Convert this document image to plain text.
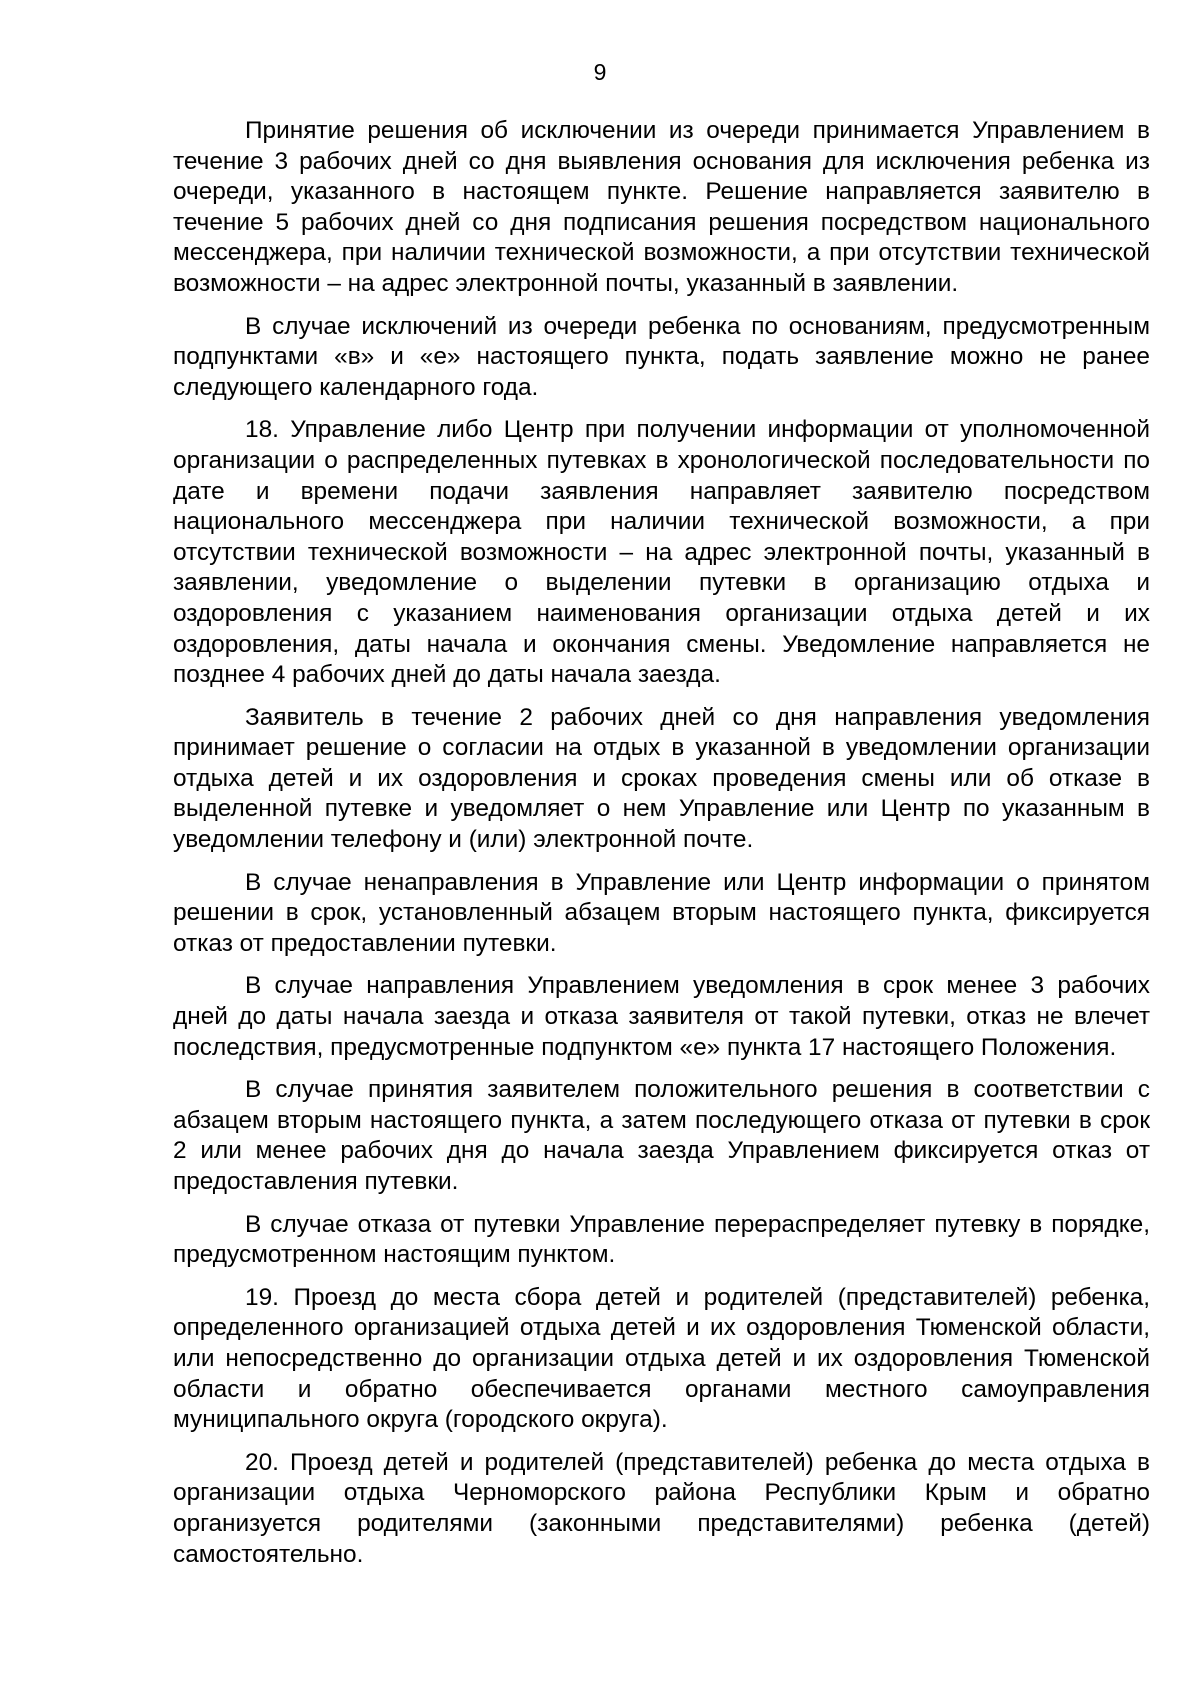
9

Принятие решения об исключении из очереди принимается Управлением в течение 3 рабочих дней со дня выявления основания для исключения ребенка из очереди, указанного в настоящем пункте. Решение направляется заявителю в течение 5 рабочих дней со дня подписания решения посредством национального мессенджера, при наличии технической возможности, а при отсутствии технической возможности – на адрес электронной почты, указанный в заявлении.

В случае исключений из очереди ребенка по основаниям, предусмотренным подпунктами «в» и «е» настоящего пункта, подать заявление можно не ранее следующего календарного года.

18. Управление либо Центр при получении информации от уполномоченной организации о распределенных путевках в хронологической последовательности по дате и времени подачи заявления направляет заявителю посредством национального мессенджера при наличии технической возможности, а при отсутствии технической возможности – на адрес электронной почты, указанный в заявлении, уведомление о выделении путевки в организацию отдыха и оздоровления с указанием наименования организации отдыха детей и их оздоровления, даты начала и окончания смены. Уведомление направляется не позднее 4 рабочих дней до даты начала заезда.

Заявитель в течение 2 рабочих дней со дня направления уведомления принимает решение о согласии на отдых в указанной в уведомлении организации отдыха детей и их оздоровления и сроках проведения смены или об отказе в выделенной путевке и уведомляет о нем Управление или Центр по указанным в уведомлении телефону и (или) электронной почте.

В случае ненаправления в Управление или Центр информации о принятом решении в срок, установленный абзацем вторым настоящего пункта, фиксируется отказ от предоставлении путевки.

В случае направления Управлением уведомления в срок менее 3 рабочих дней до даты начала заезда и отказа заявителя от такой путевки, отказ не влечет последствия, предусмотренные подпунктом «е» пункта 17 настоящего Положения.

В случае принятия заявителем положительного решения в соответствии с абзацем вторым настоящего пункта, а затем последующего отказа от путевки в срок 2 или менее рабочих дня до начала заезда Управлением фиксируется отказ от предоставления путевки.

В случае отказа от путевки Управление перераспределяет путевку в порядке, предусмотренном настоящим пунктом.

19. Проезд до места сбора детей и родителей (представителей) ребенка, определенного организацией отдыха детей и их оздоровления Тюменской области, или непосредственно до организации отдыха детей и их оздоровления Тюменской области и обратно обеспечивается органами местного самоуправления муниципального округа (городского округа).

20. Проезд детей и родителей (представителей) ребенка до места отдыха в организации отдыха Черноморского района Республики Крым и обратно организуется родителями (законными представителями) ребенка (детей) самостоятельно.
